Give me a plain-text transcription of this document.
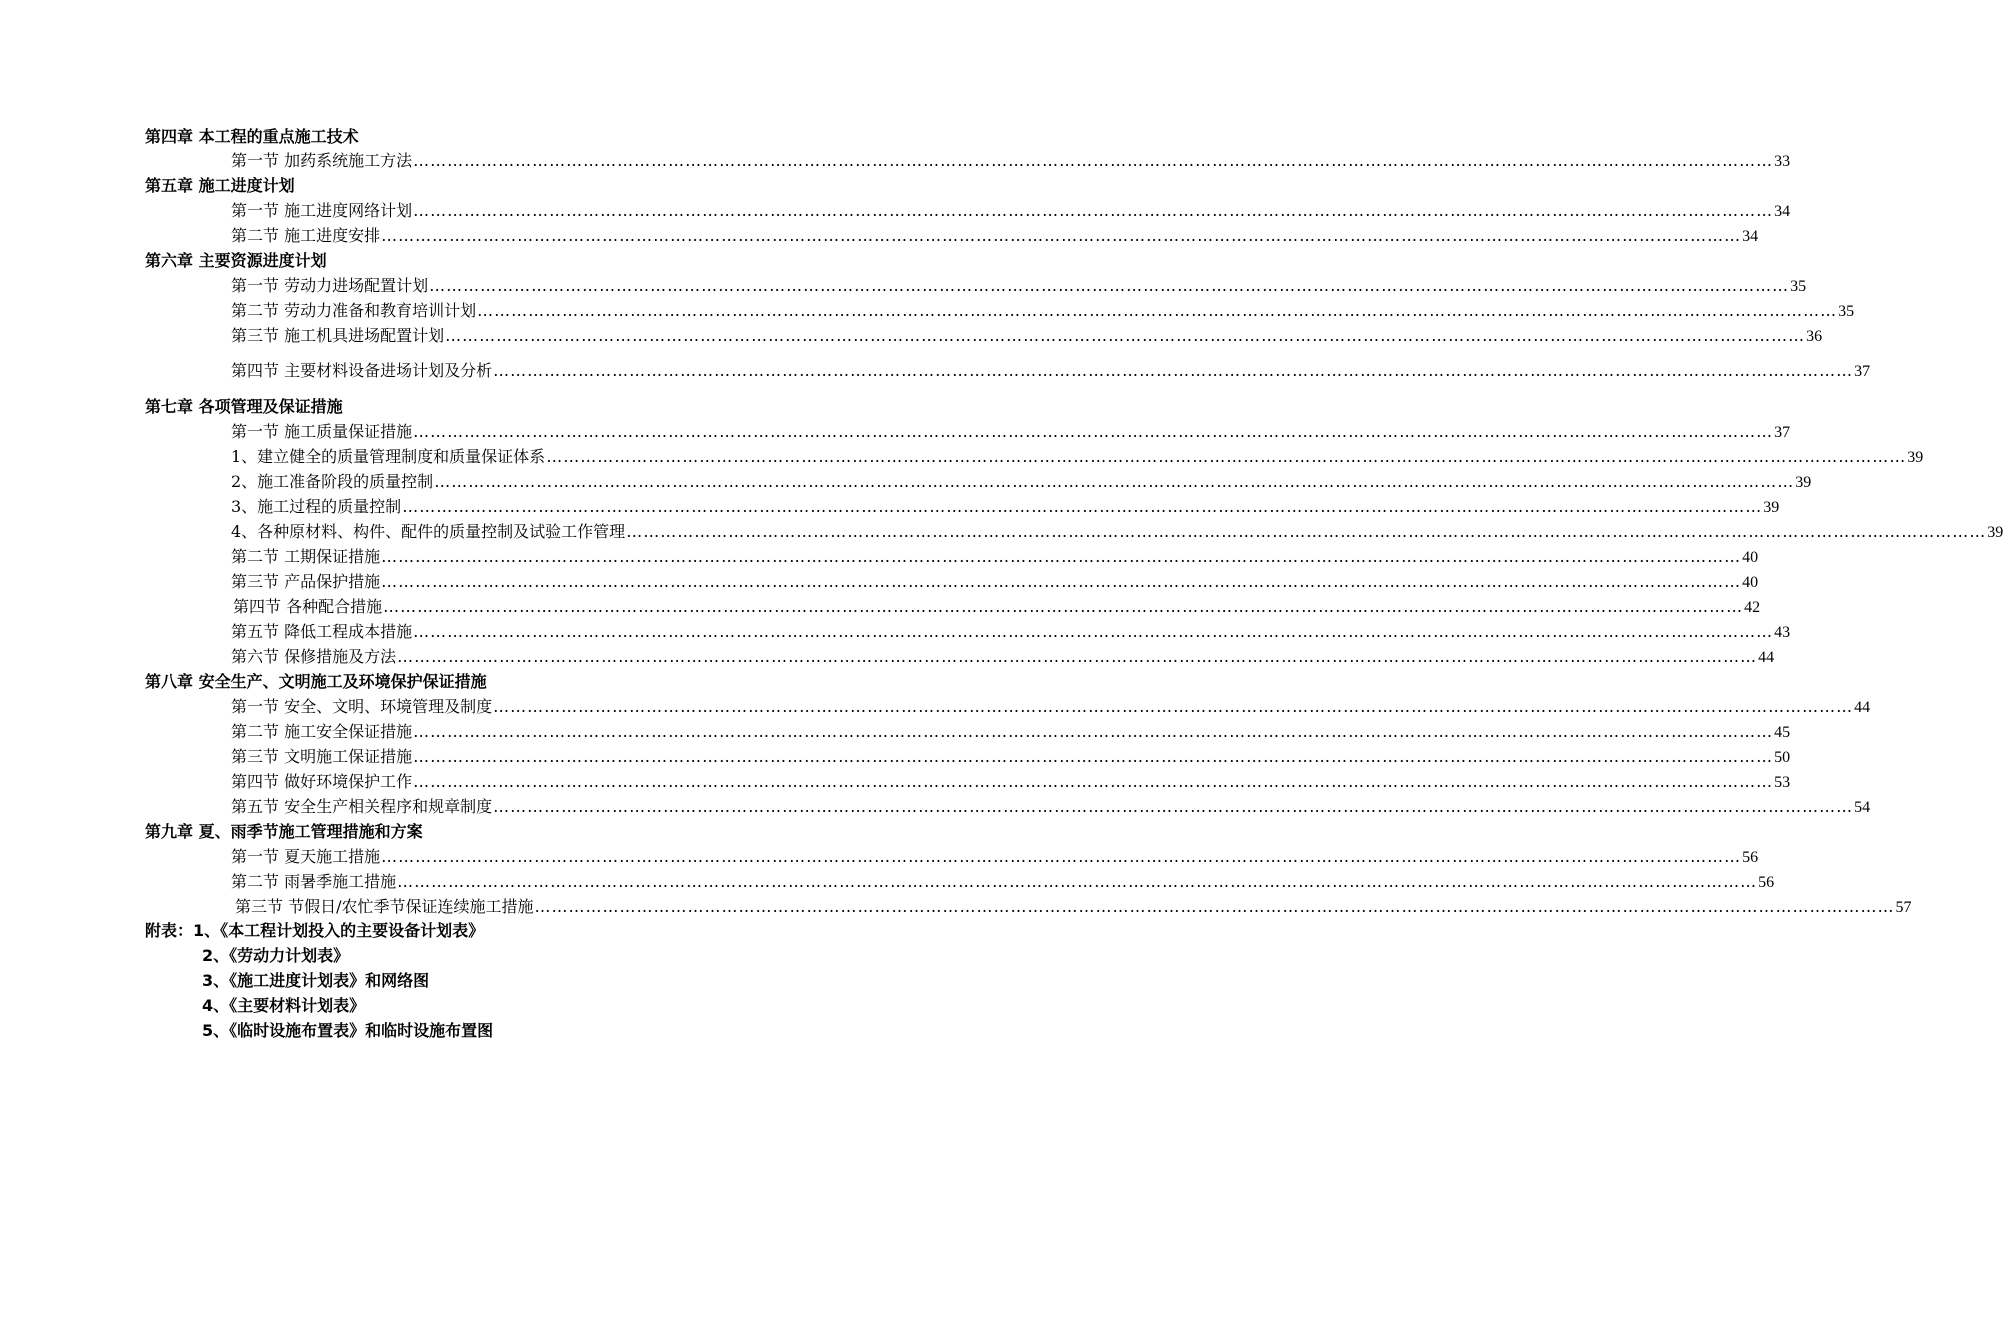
第四章 本工程的重点施工技术
第一节 加药系统施工方法 …………………………………………………………………………………………………………………………………………………………………………………………………………………… 33
第五章 施工进度计划
第一节 施工进度网络计划 …………………………………………………………………………………………………………………………………………………………………………………………………………………… 34
第二节 施工进度安排 …………………………………………………………………………………………………………………………………………………………………………………………………………………… 34
第六章 主要资源进度计划
第一节 劳动力进场配置计划 …………………………………………………………………………………………………………………………………………………………………………………………………………………… 35
第二节 劳动力准备和教育培训计划 …………………………………………………………………………………………………………………………………………………………………………………………………………………… 35
第三节 施工机具进场配置计划 …………………………………………………………………………………………………………………………………………………………………………………………………………………… 36
第四节 主要材料设备进场计划及分析 …………………………………………………………………………………………………………………………………………………………………………………………………………………… 37
第七章 各项管理及保证措施
第一节 施工质量保证措施 …………………………………………………………………………………………………………………………………………………………………………………………………………………… 37
1、建立健全的质量管理制度和质量保证体系 …………………………………………………………………………………………………………………………………………………………………………………………………………………… 39
2、施工准备阶段的质量控制 …………………………………………………………………………………………………………………………………………………………………………………………………………………… 39
3、施工过程的质量控制 …………………………………………………………………………………………………………………………………………………………………………………………………………………… 39
4、各种原材料、构件、配件的质量控制及试验工作管理 …………………………………………………………………………………………………………………………………………………………………………………………………………………… 39
第二节 工期保证措施 …………………………………………………………………………………………………………………………………………………………………………………………………………………… 40
第三节 产品保护措施 …………………………………………………………………………………………………………………………………………………………………………………………………………………… 40
第四节 各种配合措施 …………………………………………………………………………………………………………………………………………………………………………………………………………………… 42
第五节 降低工程成本措施 …………………………………………………………………………………………………………………………………………………………………………………………………………………… 43
第六节 保修措施及方法 …………………………………………………………………………………………………………………………………………………………………………………………………………………… 44
第八章 安全生产、文明施工及环境保护保证措施
第一节 安全、文明、环境管理及制度 …………………………………………………………………………………………………………………………………………………………………………………………………………………… 44
第二节 施工安全保证措施 …………………………………………………………………………………………………………………………………………………………………………………………………………………… 45
第三节 文明施工保证措施 …………………………………………………………………………………………………………………………………………………………………………………………………………………… 50
第四节 做好环境保护工作 …………………………………………………………………………………………………………………………………………………………………………………………………………………… 53
第五节 安全生产相关程序和规章制度 …………………………………………………………………………………………………………………………………………………………………………………………………………………… 54
第九章 夏、雨季节施工管理措施和方案
第一节 夏天施工措施 …………………………………………………………………………………………………………………………………………………………………………………………………………………… 56
第二节 雨暑季施工措施 …………………………………………………………………………………………………………………………………………………………………………………………………………………… 56
第三节 节假日/农忙季节保证连续施工措施 …………………………………………………………………………………………………………………………………………………………………………………………………………………… 57
附表：1、《本工程计划投入的主要设备计划表》
2、《劳动力计划表》
3、《施工进度计划表》和网络图
4、《主要材料计划表》
5、《临时设施布置表》和临时设施布置图
